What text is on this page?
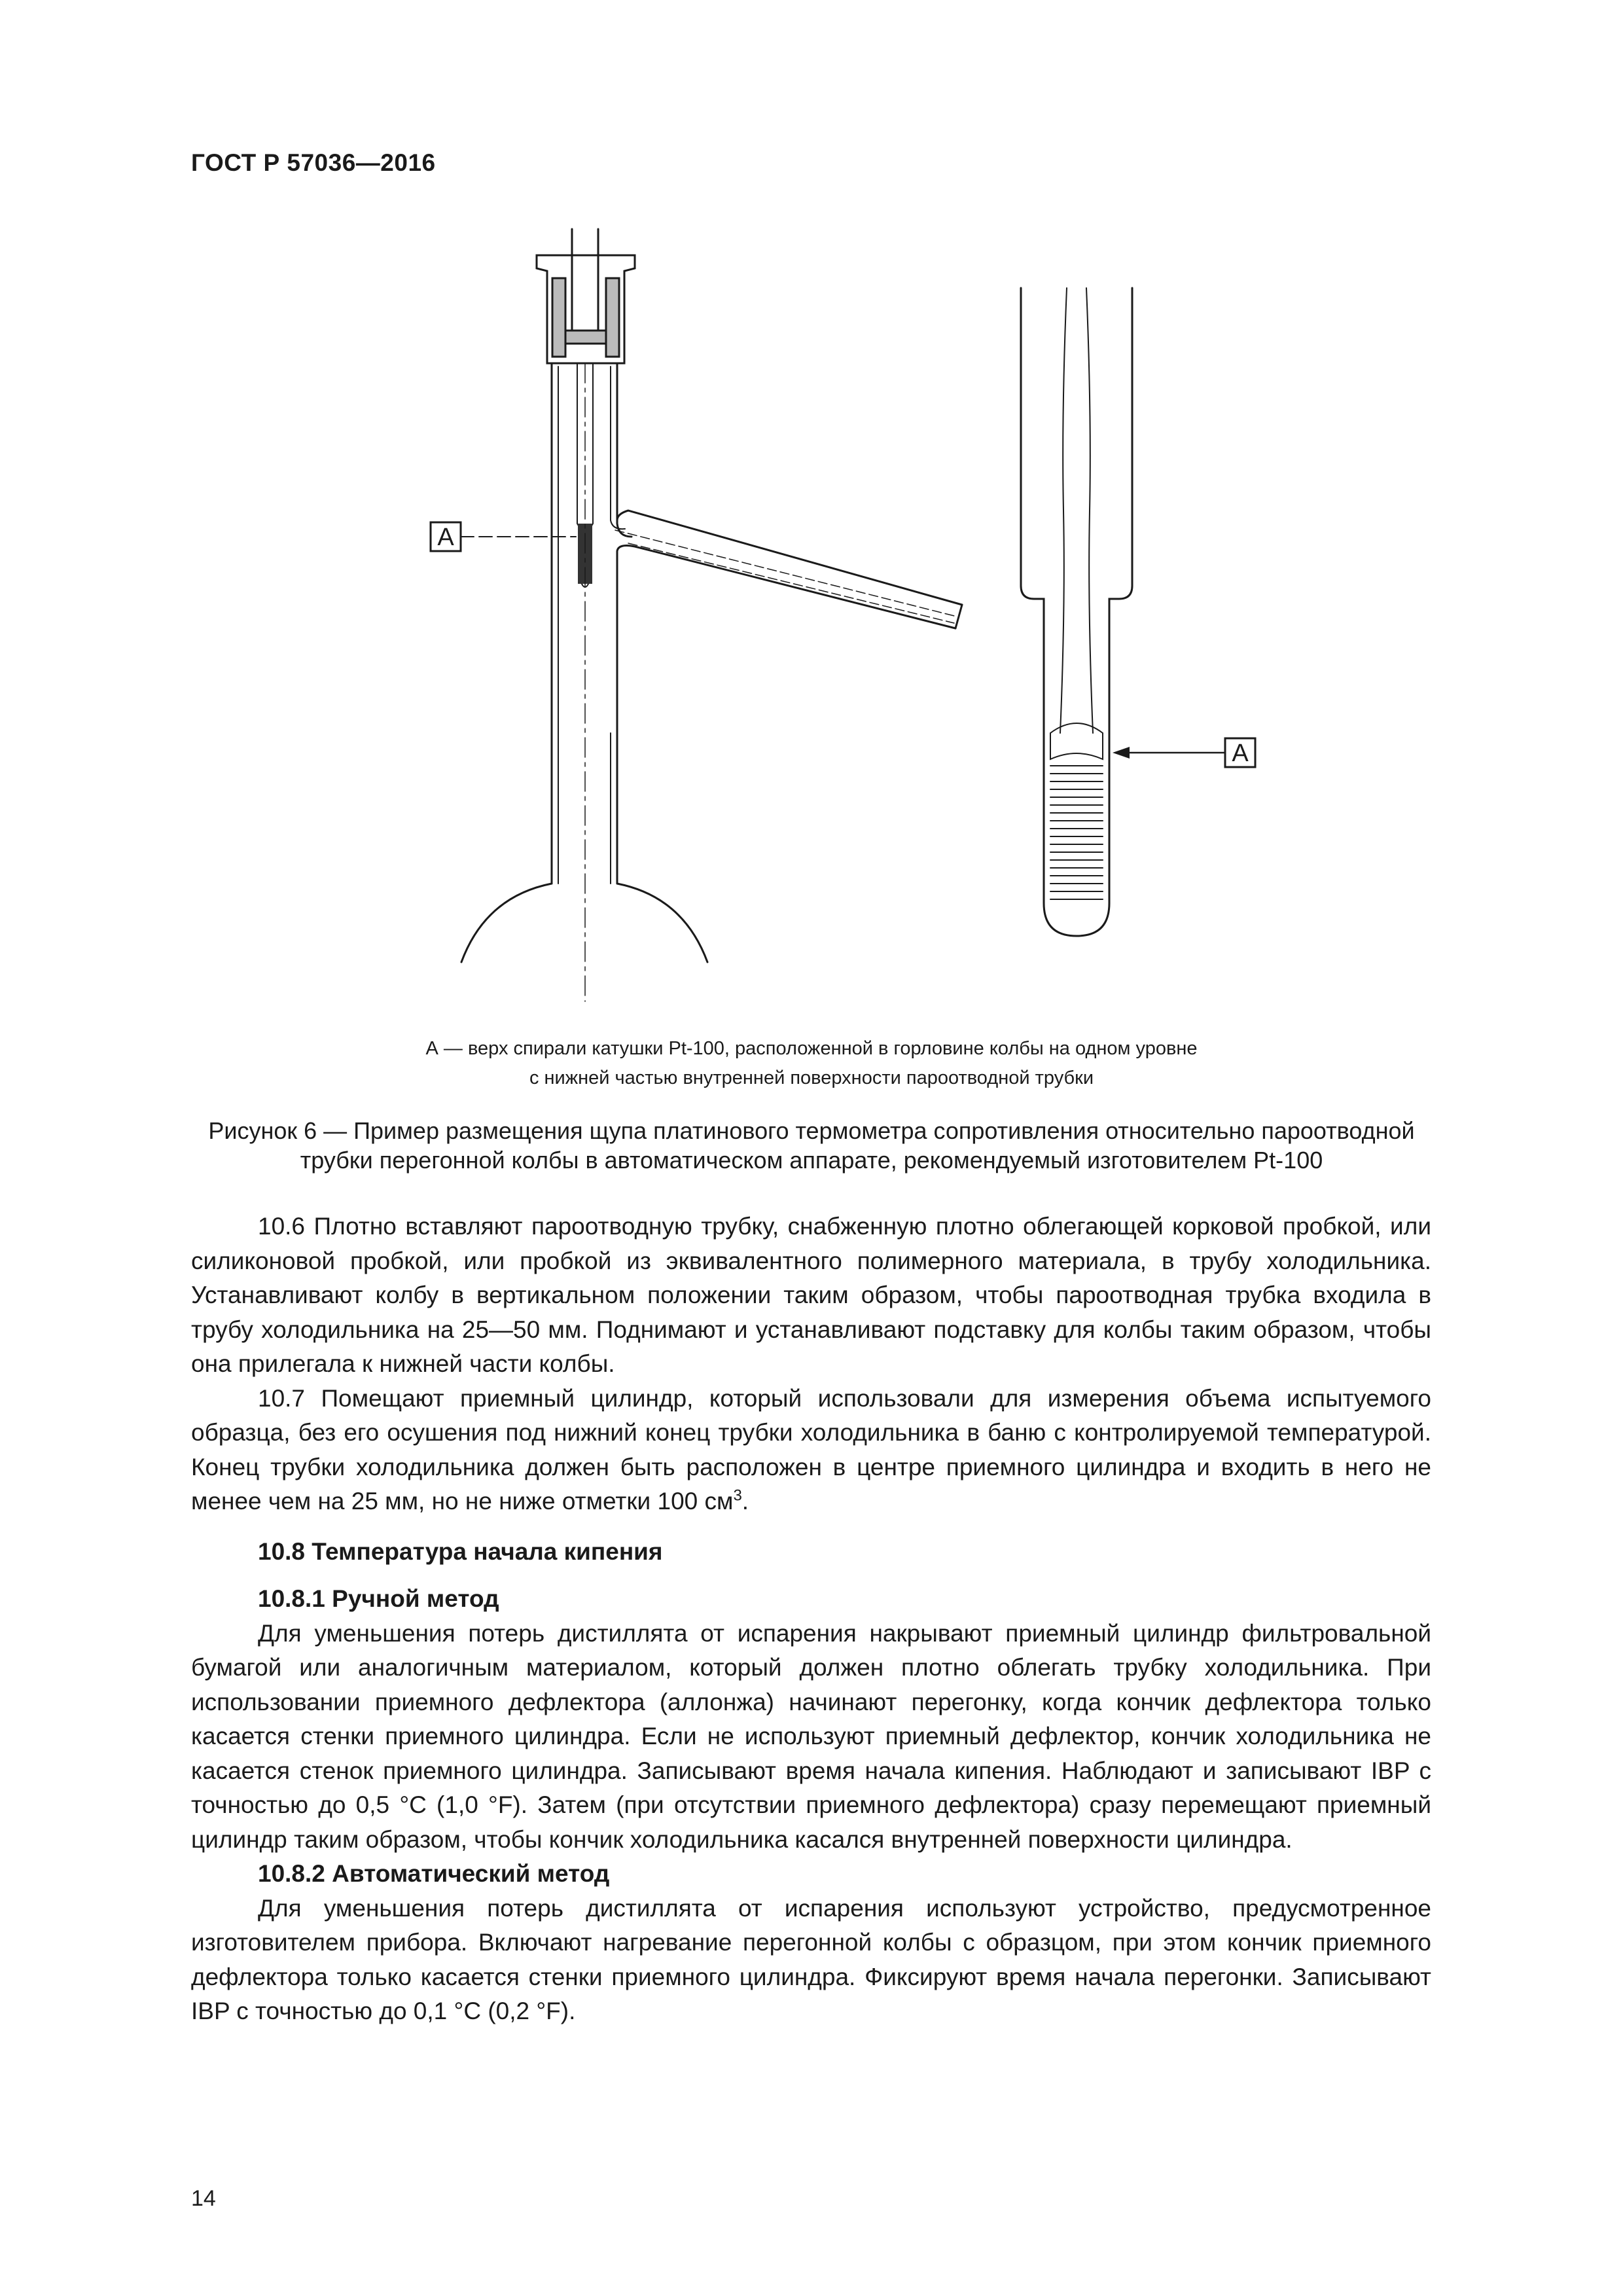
ГОСТ Р 57036—2016
A
A
А — верх спирали катушки Pt-100, расположенной в горловине колбы на одном уровне
с нижней частью внутренней поверхности пароотводной трубки
Рисунок 6 — Пример размещения щупа платинового термометра сопротивления относительно пароотводной
трубки перегонной колбы в автоматическом аппарате, рекомендуемый изготовителем Pt-100

10.6 Плотно вставляют пароотводную трубку, снабженную плотно облегающей корковой пробкой, или силиконовой пробкой, или пробкой из эквивалентного полимерного материала, в трубу холодильника. Устанавливают колбу в вертикальном положении таким образом, чтобы пароотводная трубка входила в трубу холодильника на 25—50 мм. Поднимают и устанавливают подставку для колбы таким образом, чтобы она прилегала к нижней части колбы.

10.7 Помещают приемный цилиндр, который использовали для измерения объема испытуемого образца, без его осушения под нижний конец трубки холодильника в баню с контролируемой температурой. Конец трубки холодильника должен быть расположен в центре приемного цилиндра и входить в него не менее чем на 25 мм, но не ниже отметки 100 $см^3$.

10.8 Температура начала кипения
10.8.1 Ручной метод

Для уменьшения потерь дистиллята от испарения накрывают приемный цилиндр фильтровальной бумагой или аналогичным материалом, который должен плотно облегать трубку холодильника. При использовании приемного дефлектора (аллонжа) начинают перегонку, когда кончик дефлектора только касается стенки приемного цилиндра. Если не используют приемный дефлектор, кончик холодильника не касается стенок приемного цилиндра. Записывают время начала кипения. Наблюдают и записывают IBP с точностью до 0,5 °С (1,0 °F). Затем (при отсутствии приемного дефлектора) сразу перемещают приемный цилиндр таким образом, чтобы кончик холодильника касался внутренней поверхности цилиндра.

10.8.2 Автоматический метод

Для уменьшения потерь дистиллята от испарения используют устройство, предусмотренное изготовителем прибора. Включают нагревание перегонной колбы с образцом, при этом кончик приемного дефлектора только касается стенки приемного цилиндра. Фиксируют время начала перегонки. Записывают IBP с точностью до 0,1 °С (0,2 °F).

14
